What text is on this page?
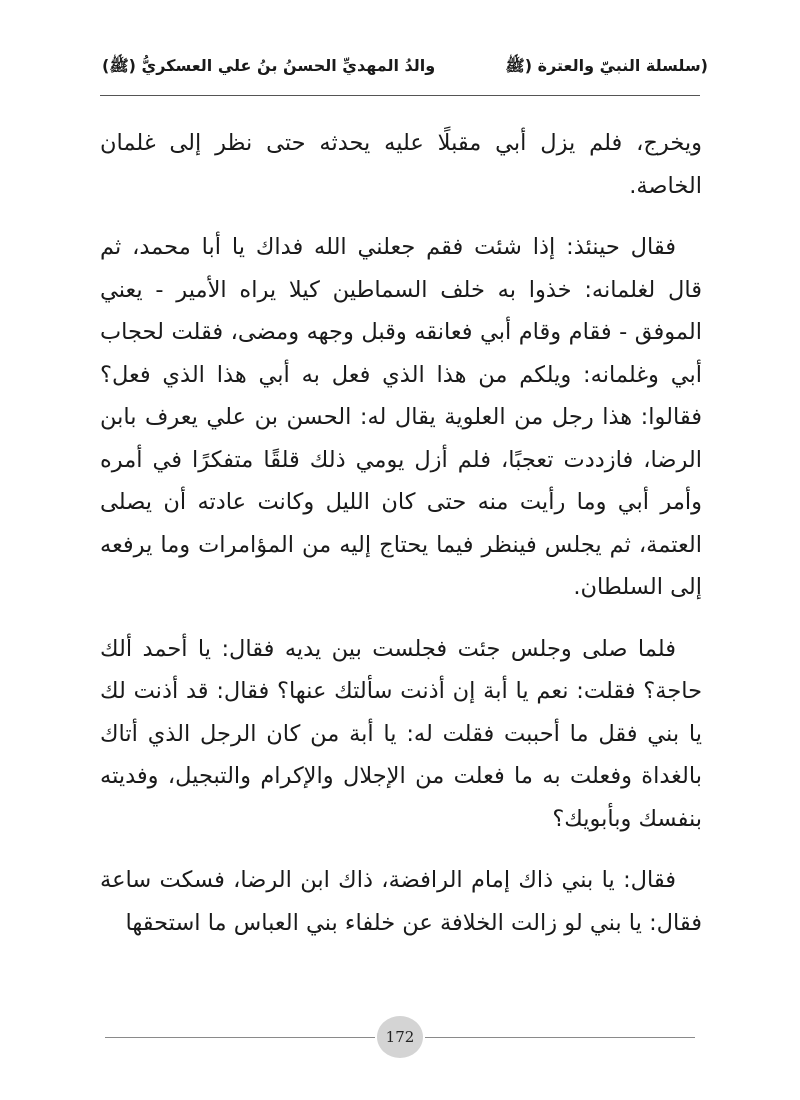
(سلسلة النبيّ والعترة (ﷺ
والدُ المهديِّ الحسنُ بنُ علي العسكريُّ (ﷺ)

ويخرج، فلم يزل أبي مقبلًا عليه يحدثه حتى نظر إلى غلمان الخاصة.

فقال حينئذ: إذا شئت فقم جعلني الله فداك يا أبا محمد، ثم قال لغلمانه: خذوا به خلف السماطين كيلا يراه الأمير - يعني الموفق - فقام وقام أبي فعانقه وقبل وجهه ومضى، فقلت لحجاب أبي وغلمانه: ويلكم من هذا الذي فعل به أبي هذا الذي فعل؟ فقالوا: هذا رجل من العلوية يقال له: الحسن بن علي يعرف بابن الرضا، فازددت تعجبًا، فلم أزل يومي ذلك قلقًا متفكرًا في أمره وأمر أبي وما رأيت منه حتى كان الليل وكانت عادته أن يصلى العتمة، ثم يجلس فينظر فيما يحتاج إليه من المؤامرات وما يرفعه إلى السلطان.

فلما صلى وجلس جئت فجلست بين يديه فقال: يا أحمد ألك حاجة؟ فقلت: نعم يا أبة إن أذنت سألتك عنها؟ فقال: قد أذنت لك يا بني فقل ما أحببت فقلت له: يا أبة من كان الرجل الذي أتاك بالغداة وفعلت به ما فعلت من الإجلال والإكرام والتبجيل، وفديته بنفسك وبأبويك؟

فقال: يا بني ذاك إمام الرافضة، ذاك ابن الرضا، فسكت ساعة فقال: يا بني لو زالت الخلافة عن خلفاء بني العباس ما استحقها

172
